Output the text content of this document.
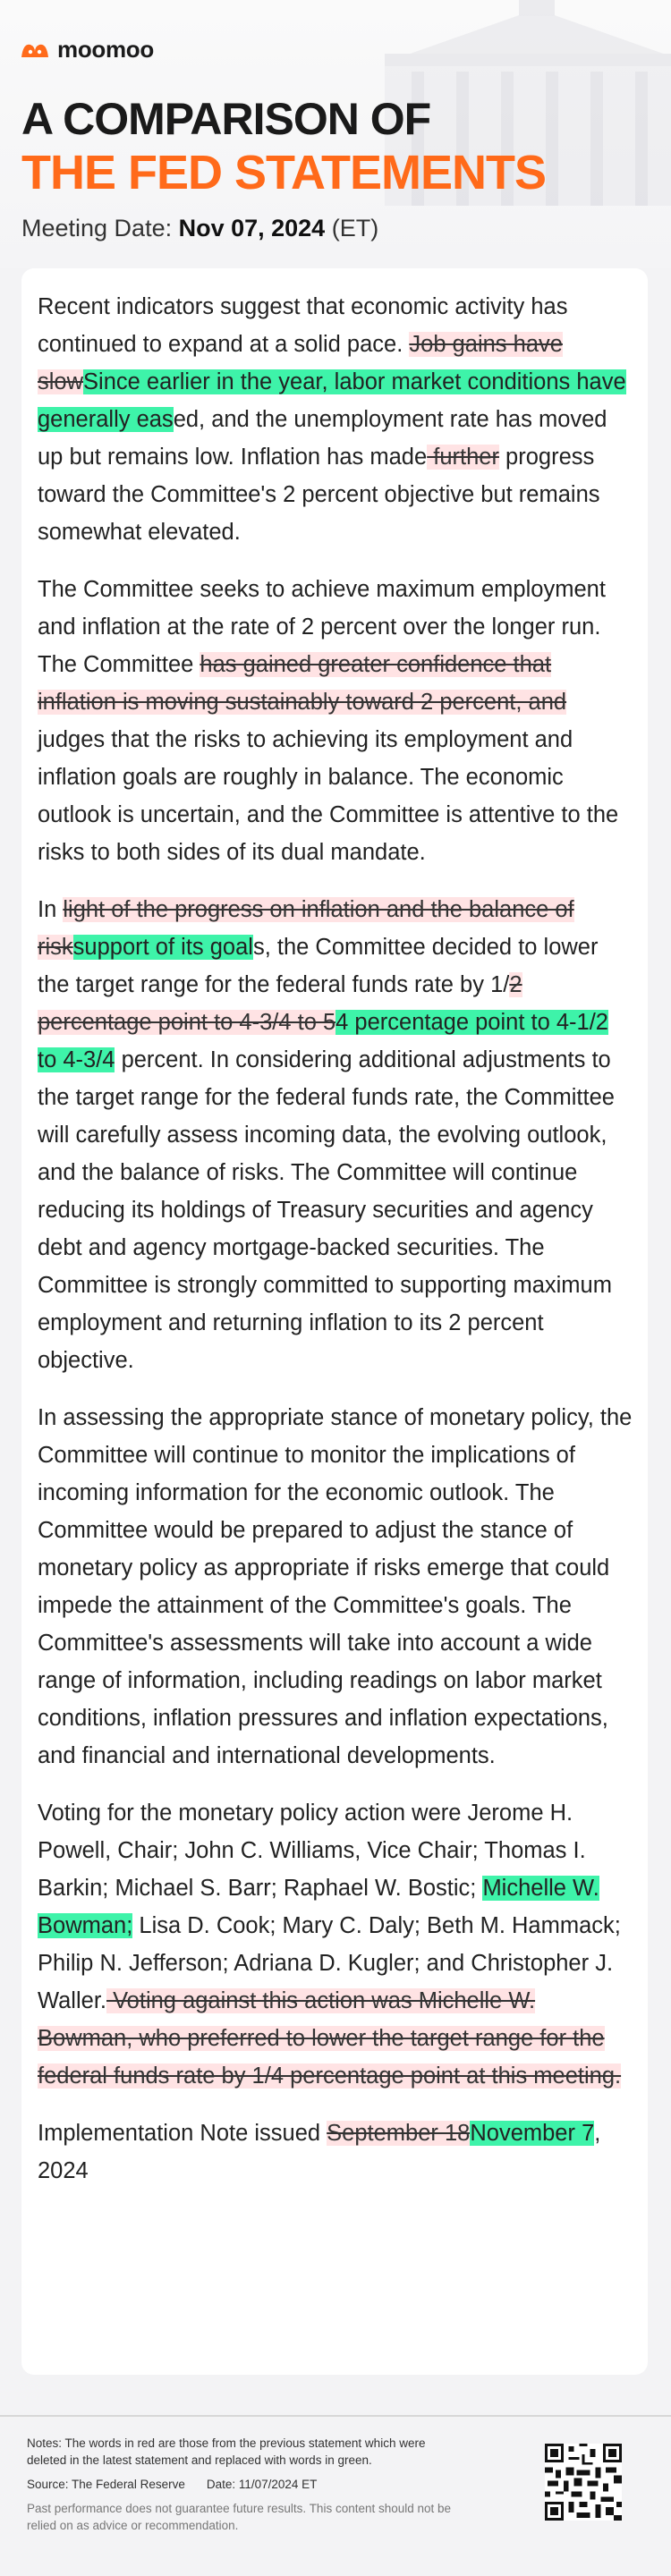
moomoo
A COMPARISON OF
THE FED STATEMENTS
Meeting Date: Nov 07, 2024 (ET)

Recent indicators suggest that economic activity has continued to expand at a solid pace. Job gains have slowSince earlier in the year, labor market conditions have generally eased, and the unemployment rate has moved up but remains low. Inflation has made further progress toward the Committee's 2 percent objective but remains somewhat elevated.

The Committee seeks to achieve maximum employment and inflation at the rate of 2 percent over the longer run. The Committee has gained greater confidence that inflation is moving sustainably toward 2 percent, and judges that the risks to achieving its employment and inflation goals are roughly in balance. The economic outlook is uncertain, and the Committee is attentive to the risks to both sides of its dual mandate.

In light of the progress on inflation and the balance of risksupport of its goals, the Committee decided to lower the target range for the federal funds rate by 1/2 percentage point to 4-3/4 to 54 percentage point to 4-1/2 to 4-3/4 percent. In considering additional adjustments to the target range for the federal funds rate, the Committee will carefully assess incoming data, the evolving outlook, and the balance of risks. The Committee will continue reducing its holdings of Treasury securities and agency debt and agency mortgage-backed securities. The Committee is strongly committed to supporting maximum employment and returning inflation to its 2 percent objective.

In assessing the appropriate stance of monetary policy, the Committee will continue to monitor the implications of incoming information for the economic outlook. The Committee would be prepared to adjust the stance of monetary policy as appropriate if risks emerge that could impede the attainment of the Committee's goals. The Committee's assessments will take into account a wide range of information, including readings on labor market conditions, inflation pressures and inflation expectations, and financial and international developments.

Voting for the monetary policy action were Jerome H. Powell, Chair; John C. Williams, Vice Chair; Thomas I. Barkin; Michael S. Barr; Raphael W. Bostic; Michelle W. Bowman; Lisa D. Cook; Mary C. Daly; Beth M. Hammack; Philip N. Jefferson; Adriana D. Kugler; and Christopher J. Waller. Voting against this action was Michelle W. Bowman, who preferred to lower the target range for the federal funds rate by 1/4 percentage point at this meeting.

Implementation Note issued September 18November 7, 2024

Notes: The words in red are those from the previous statement which were deleted in the latest statement and replaced with words in green.
Source: The Federal Reserve Date: 11/07/2024 ET
Past performance does not guarantee future results. This content should not be relied on as advice or recommendation.
